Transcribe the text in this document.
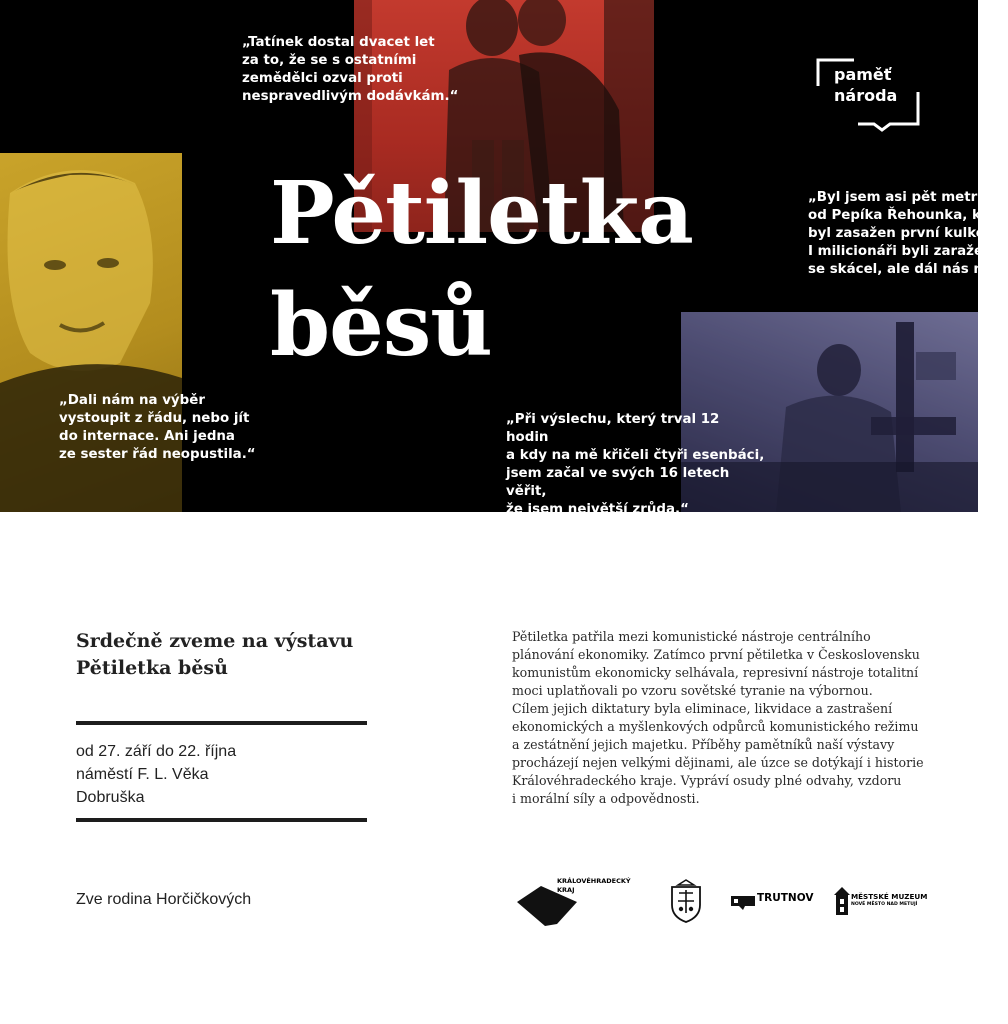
„Tatínek dostal dvacet let
za to, že se s ostatními
zemědělci ozval proti
nespravedlivým dodávkám.“
„Byl jsem asi pět metrů
od Pepíka Řehounka, kte
byl zasažen první kulkou
I milicionáři byli zaražen
se skácel, ale dál nás nep
„Dali nám na výběr
vystoupit z řádu, nebo jít
do internace. Ani jedna
ze sester řád neopustila.“
„Při výslechu, který trval 12 hodin
a kdy na mě křičeli čtyři esenbáci,
jsem začal ve svých 16 letech věřit,
že jsem největší zrůda.“
Pětiletka
běsů
paměť
národa
Srdečně zveme na výstavu
Pětiletka běsů
od 27. září do 22. října
náměstí F. L. Věka
Dobruška
Zve rodina Horčičkových
Pětiletka patřila mezi komunistické nástroje centrálního
plánování ekonomiky. Zatímco první pětiletka v Československu
komunistům ekonomicky selhávala, represivní nástroje totalitní
moci uplatňovali po vzoru sovětské tyranie na výbornou.
Cílem jejich diktatury byla eliminace, likvidace a zastrašení
ekonomických a myšlenkových odpůrců komunistického režimu
a zestátnění jejich majetku. Příběhy pamětníků naší výstavy
procházejí nejen velkými dějinami, ale úzce se dotýkají i historie
Královéhradeckého kraje. Vypráví osudy plné odvahy, vzdoru
i morální síly a odpovědnosti.
KRÁLOVÉHRADECKÝ
KRAJ
TRUTNOV	MĚSTSKÉ MUZEUM
NOVÉ MĚSTO NAD METUJÍ
